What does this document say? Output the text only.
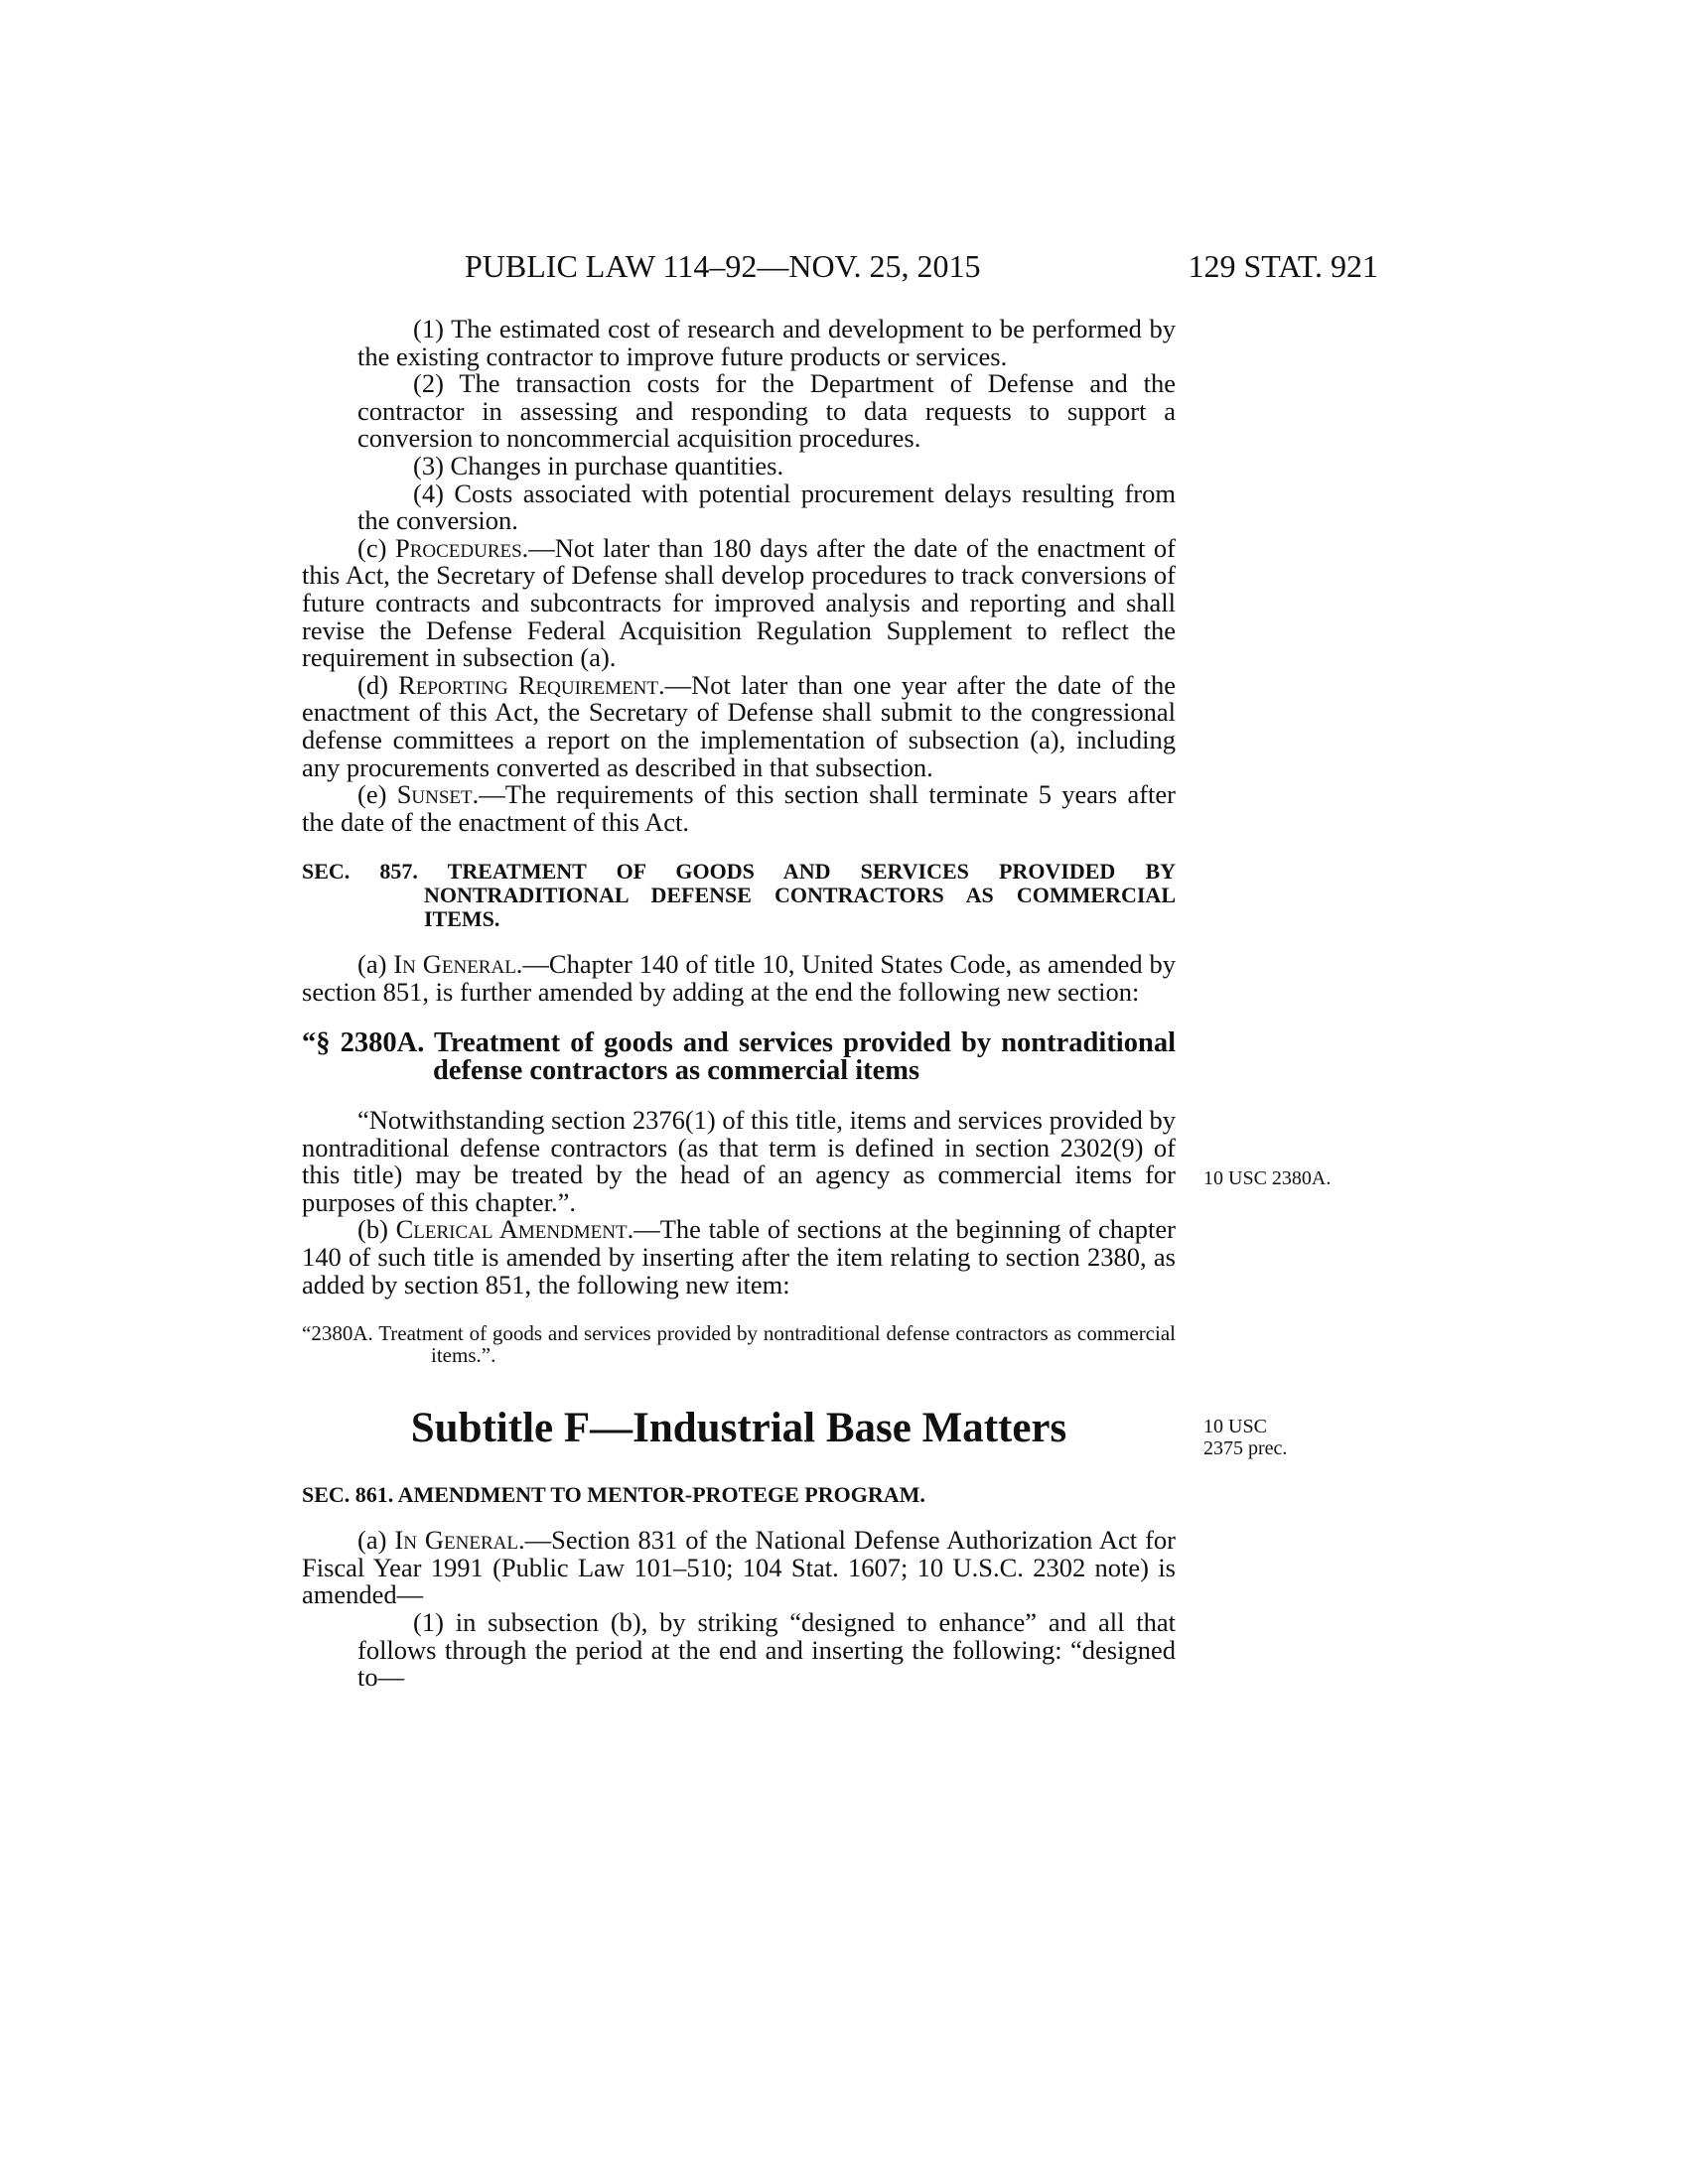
PUBLIC LAW 114–92—NOV. 25, 2015	129 STAT. 921

(1) The estimated cost of research and development to be performed by the existing contractor to improve future products or services.

(2) The transaction costs for the Department of Defense and the contractor in assessing and responding to data requests to support a conversion to noncommercial acquisition procedures.

(3) Changes in purchase quantities.

(4) Costs associated with potential procurement delays resulting from the conversion.

(c) Procedures.—Not later than 180 days after the date of the enactment of this Act, the Secretary of Defense shall develop procedures to track conversions of future contracts and subcontracts for improved analysis and reporting and shall revise the Defense Federal Acquisition Regulation Supplement to reflect the requirement in subsection (a).

(d) Reporting Requirement.—Not later than one year after the date of the enactment of this Act, the Secretary of Defense shall submit to the congressional defense committees a report on the implementation of subsection (a), including any procurements converted as described in that subsection.

(e) Sunset.—The requirements of this section shall terminate 5 years after the date of the enactment of this Act.

SEC. 857. TREATMENT OF GOODS AND SERVICES PROVIDED BY NONTRADITIONAL DEFENSE CONTRACTORS AS COMMERCIAL ITEMS.

(a) In General.—Chapter 140 of title 10, United States Code, as amended by section 851, is further amended by adding at the end the following new section:

“§ 2380A. Treatment of goods and services provided by nontraditional defense contractors as commercial items

“Notwithstanding section 2376(1) of this title, items and services provided by nontraditional defense contractors (as that term is defined in section 2302(9) of this title) may be treated by the head of an agency as commercial items for purposes of this chapter.”.

(b) Clerical Amendment.—The table of sections at the beginning of chapter 140 of such title is amended by inserting after the item relating to section 2380, as added by section 851, the following new item:

“2380A. Treatment of goods and services provided by nontraditional defense contractors as commercial items.”.

Subtitle F—Industrial Base Matters

SEC. 861. AMENDMENT TO MENTOR-PROTEGE PROGRAM.

(a) In General.—Section 831 of the National Defense Authorization Act for Fiscal Year 1991 (Public Law 101–510; 104 Stat. 1607; 10 U.S.C. 2302 note) is amended—

(1) in subsection (b), by striking “designed to enhance” and all that follows through the period at the end and inserting the following: “designed to—

10 USC 2380A.
10 USC
2375 prec.
